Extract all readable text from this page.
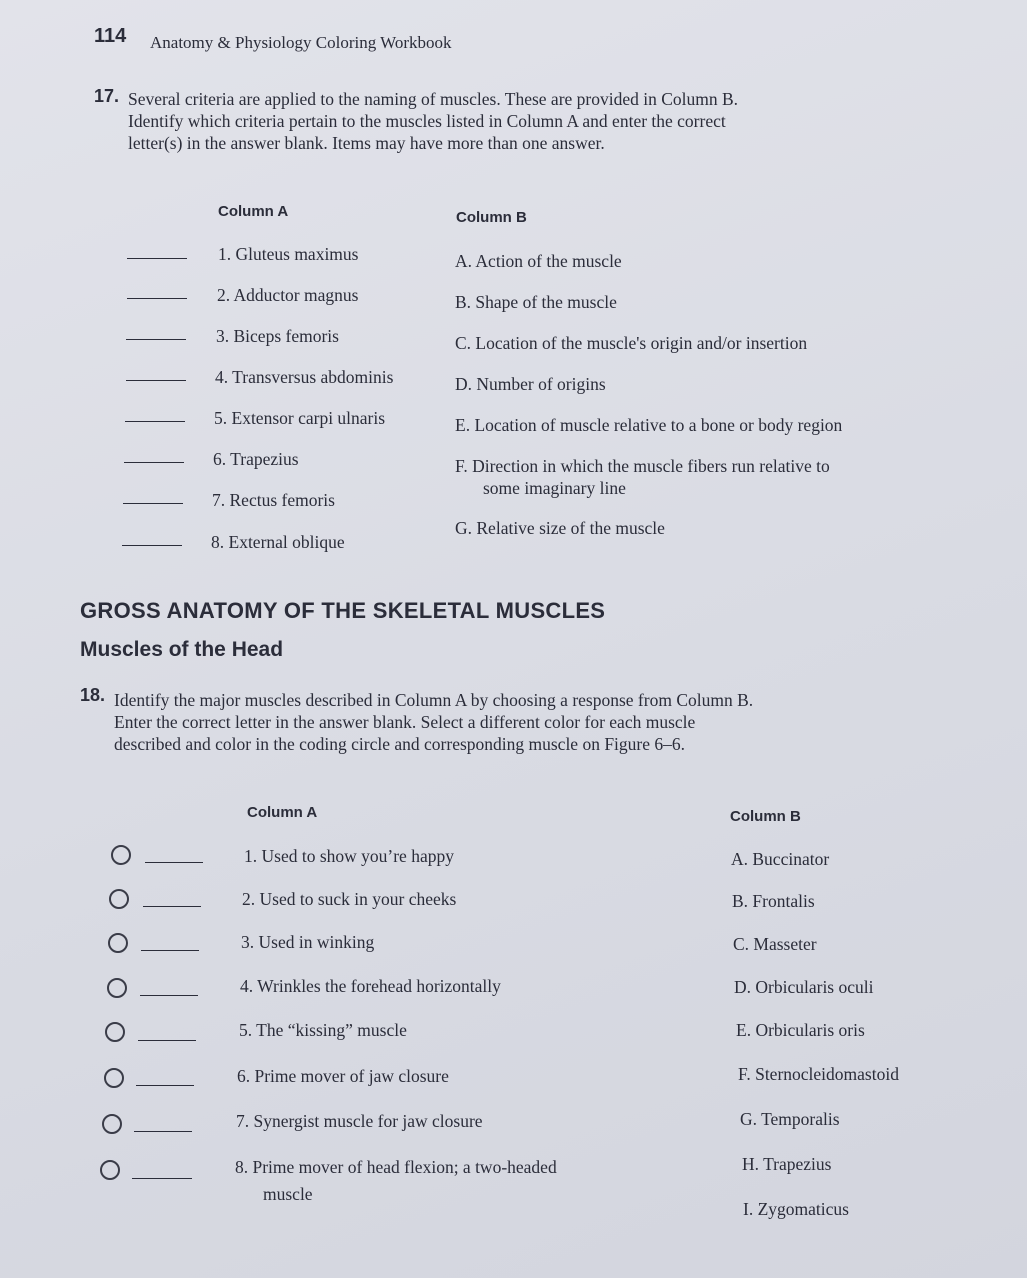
114 Anatomy & Physiology Coloring Workbook
17. Several criteria are applied to the naming of muscles. These are provided in Column B. Identify which criteria pertain to the muscles listed in Column A and enter the correct letter(s) in the answer blank. Items may have more than one answer.
Column A	Column B
1. Gluteus maximus
2. Adductor magnus
3. Biceps femoris
4. Transversus abdominis
5. Extensor carpi ulnaris
6. Trapezius
7. Rectus femoris
8. External oblique
A. Action of the muscle
B. Shape of the muscle
C. Location of the muscle's origin and/or insertion
D. Number of origins
E. Location of muscle relative to a bone or body region
F. Direction in which the muscle fibers run relative to
some imaginary line
G. Relative size of the muscle
GROSS ANATOMY OF THE SKELETAL MUSCLES
Muscles of the Head
18. Identify the major muscles described in Column A by choosing a response from Column B. Enter the correct letter in the answer blank. Select a different color for each muscle described and color in the coding circle and corresponding muscle on Figure 6–6.
Column A	Column B
1. Used to show you’re happy
2. Used to suck in your cheeks
3. Used in winking
4. Wrinkles the forehead horizontally
5. The “kissing” muscle
6. Prime mover of jaw closure
7. Synergist muscle for jaw closure
8. Prime mover of head flexion; a two-headed
muscle
A. Buccinator
B. Frontalis
C. Masseter
D. Orbicularis oculi
E. Orbicularis oris
F. Sternocleidomastoid
G. Temporalis
H. Trapezius
I. Zygomaticus
